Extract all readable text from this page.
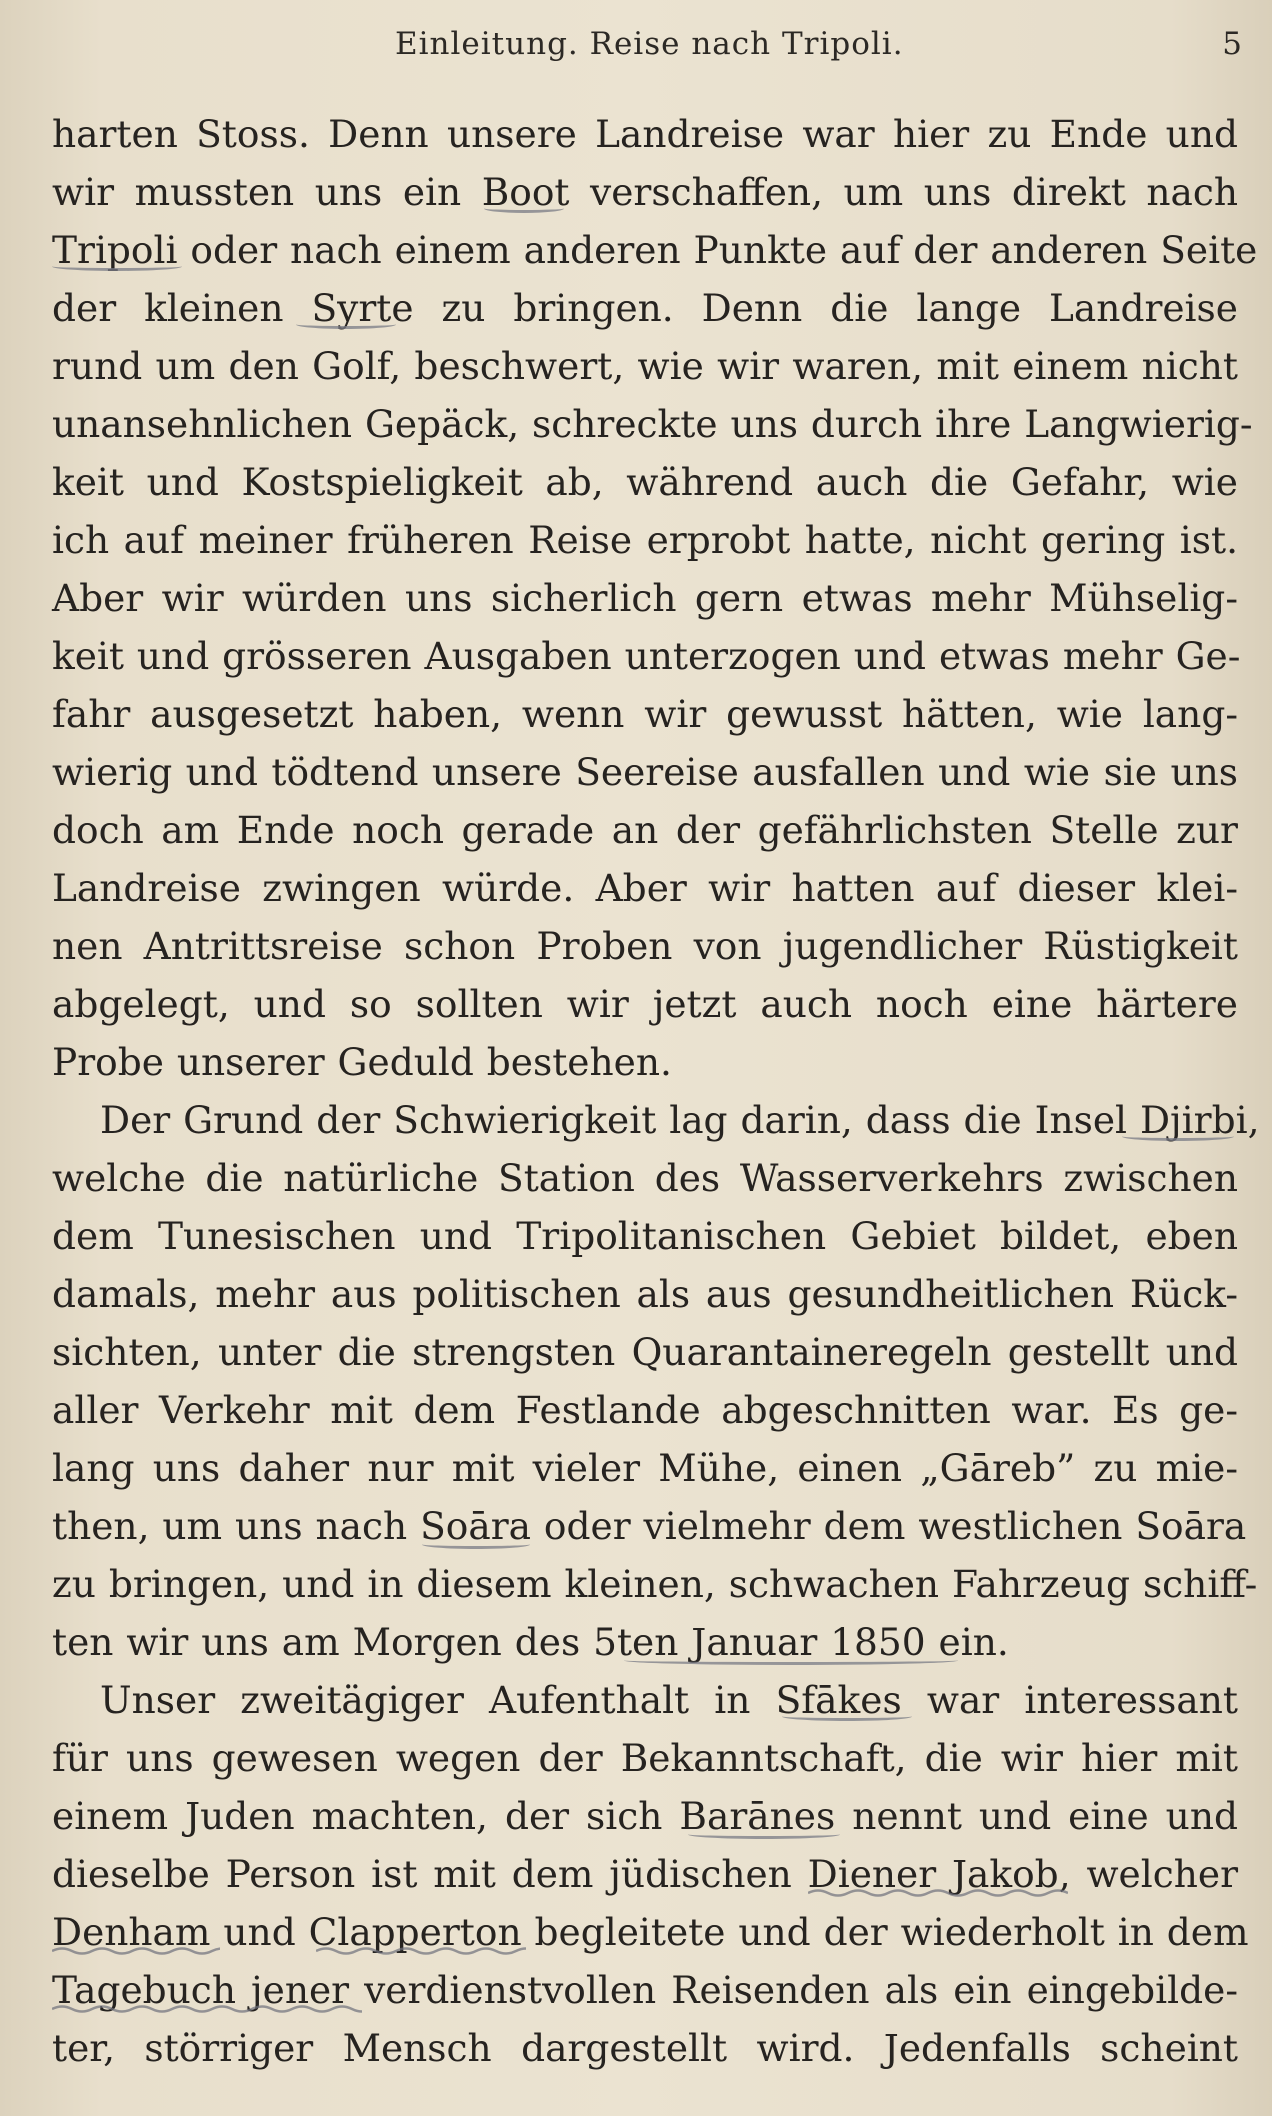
Einleitung. Reise nach Tripoli.	5
harten Stoss. Denn unsere Landreise war hier zu Ende und
wir mussten uns ein Boot verschaffen, um uns direkt nach
Tripoli oder nach einem anderen Punkte auf der anderen Seite
der kleinen Syrte zu bringen. Denn die lange Landreise
rund um den Golf, beschwert, wie wir waren, mit einem nicht
unansehnlichen Gepäck, schreckte uns durch ihre Langwierig-
keit und Kostspieligkeit ab, während auch die Gefahr, wie
ich auf meiner früheren Reise erprobt hatte, nicht gering ist.
Aber wir würden uns sicherlich gern etwas mehr Mühselig-
keit und grösseren Ausgaben unterzogen und etwas mehr Ge-
fahr ausgesetzt haben, wenn wir gewusst hätten, wie lang-
wierig und tödtend unsere Seereise ausfallen und wie sie uns
doch am Ende noch gerade an der gefährlichsten Stelle zur
Landreise zwingen würde. Aber wir hatten auf dieser klei-
nen Antrittsreise schon Proben von jugendlicher Rüstigkeit
abgelegt, und so sollten wir jetzt auch noch eine härtere
Probe unserer Geduld bestehen.
Der Grund der Schwierigkeit lag darin, dass die Insel Djirbi,
welche die natürliche Station des Wasserverkehrs zwischen
dem Tunesischen und Tripolitanischen Gebiet bildet, eben
damals, mehr aus politischen als aus gesundheitlichen Rück-
sichten, unter die strengsten Quarantaineregeln gestellt und
aller Verkehr mit dem Festlande abgeschnitten war. Es ge-
lang uns daher nur mit vieler Mühe, einen „Gāreb” zu mie-
then, um uns nach Soāra oder vielmehr dem westlichen Soāra
zu bringen, und in diesem kleinen, schwachen Fahrzeug schiff-
ten wir uns am Morgen des 5ten Januar 1850 ein.
Unser zweitägiger Aufenthalt in Sfākes war interessant
für uns gewesen wegen der Bekanntschaft, die wir hier mit
einem Juden machten, der sich Barānes nennt und eine und
dieselbe Person ist mit dem jüdischen Diener Jakob, welcher
Denham und Clapperton begleitete und der wiederholt in dem
Tagebuch jener verdienstvollen Reisenden als ein eingebilde-
ter, störriger Mensch dargestellt wird. Jedenfalls scheint
